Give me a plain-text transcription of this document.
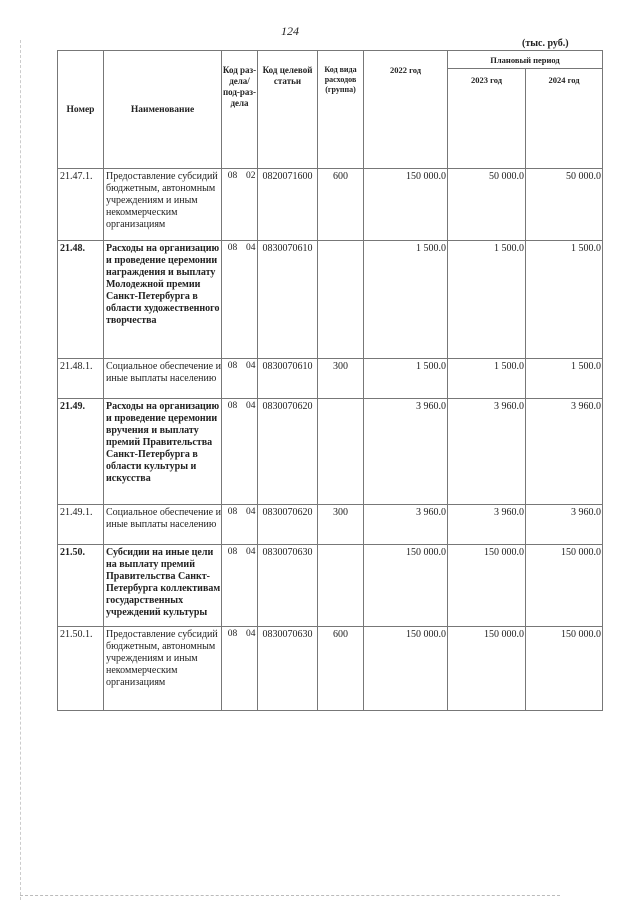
124
(тыс. руб.)
Номер	Наименование	Код раз-дела/ под-раз-дела	Код целевой статьи	Код вида расходов (группа)	2022 год	Плановый период	
						2023 год	2024 год
21.47.1.	Предоставление субсидий бюджетным, автономным учреждениям и иным некоммерческим организациям	08 02	0820071600	600	150 000.0	50 000.0	50 000.0
21.48.	Расходы на организацию и проведение церемонии награждения и выплату Молодежной премии Санкт-Петербурга в области художественного творчества	08 04	0830070610		1 500.0	1 500.0	1 500.0
21.48.1.	Социальное обеспечение и иные выплаты населению	08 04	0830070610	300	1 500.0	1 500.0	1 500.0
21.49.	Расходы на организацию и проведение церемонии вручения и выплату премий Правительства Санкт-Петербурга в области культуры и искусства	08 04	0830070620		3 960.0	3 960.0	3 960.0
21.49.1.	Социальное обеспечение и иные выплаты населению	08 04	0830070620	300	3 960.0	3 960.0	3 960.0
21.50.	Субсидии на иные цели на выплату премий Правительства Санкт-Петербурга коллективам государственных учреждений культуры	08 04	0830070630		150 000.0	150 000.0	150 000.0
21.50.1.	Предоставление субсидий бюджетным, автономным учреждениям и иным некоммерческим организациям	08 04	0830070630	600	150 000.0	150 000.0	150 000.0
